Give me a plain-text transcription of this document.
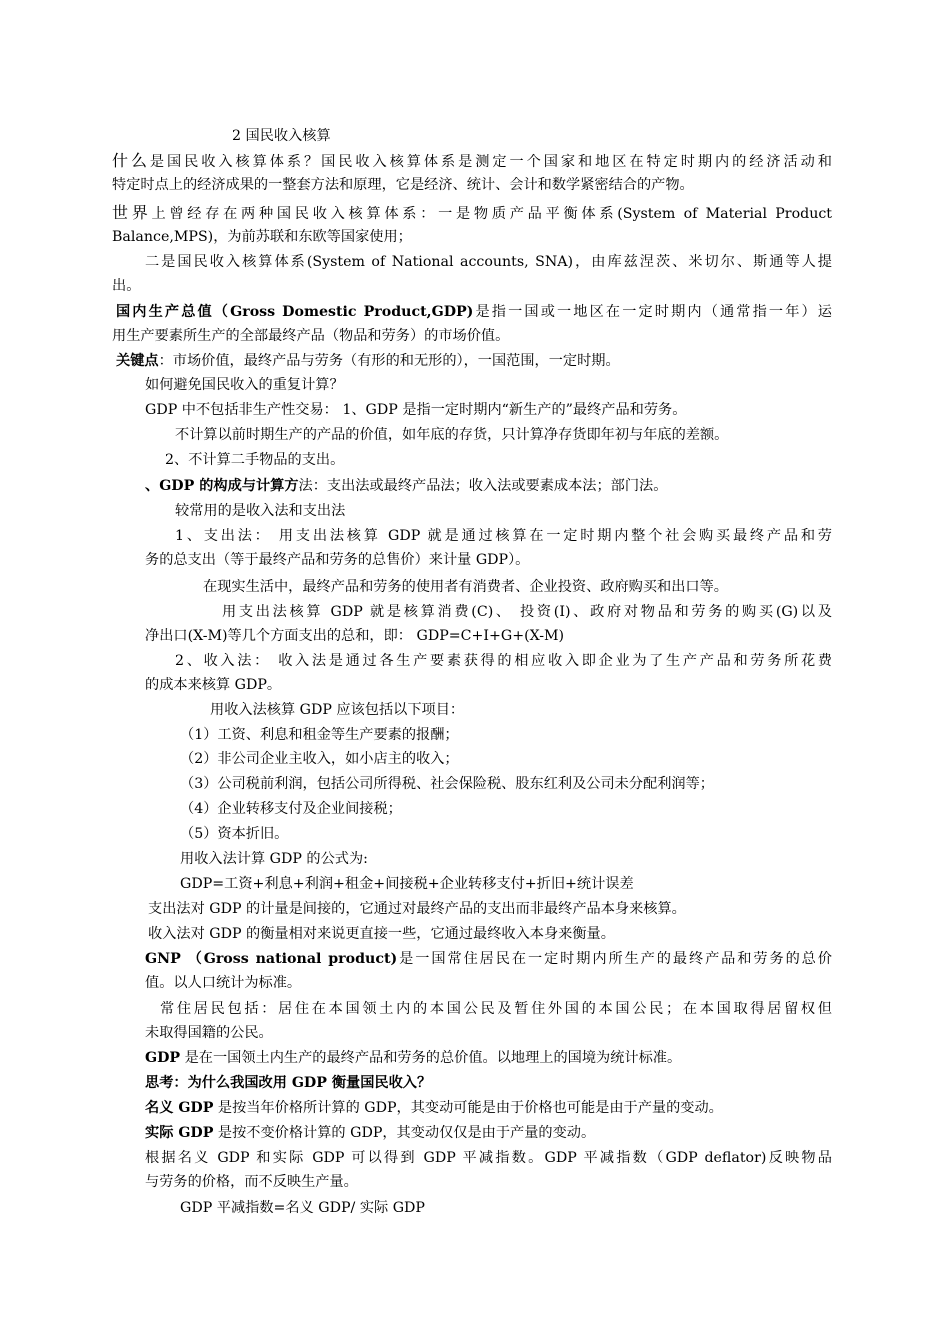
2 国民收入核算
什么是国民收入核算体系？国民收入核算体系是测定一个国家和地区在特定时期内的经济活动和
特定时点上的经济成果的一整套方法和原理，它是经济、统计、会计和数学紧密结合的产物。
世界上曾经存在两种国民收入核算体系：一是物质产品平衡体系(System of Material Product
Balance,MPS)，为前苏联和东欧等国家使用；
二是国民收入核算体系(System of National accounts, SNA)，由库兹涅茨、米切尔、斯通等人提
出。
国内生产总值（Gross Domestic Product,GDP)是指一国或一地区在一定时期内（通常指一年）运
用生产要素所生产的全部最终产品（物品和劳务）的市场价值。
关键点：市场价值，最终产品与劳务（有形的和无形的），一国范围，一定时期。
如何避免国民收入的重复计算？
GDP 中不包括非生产性交易： 1、GDP 是指一定时期内“新生产的”最终产品和劳务。
不计算以前时期生产的产品的价值，如年底的存货，只计算净存货即年初与年底的差额。
2、不计算二手物品的支出。
、GDP 的构成与计算方法：支出法或最终产品法；收入法或要素成本法；部门法。
较常用的是收入法和支出法
1、支出法： 用支出法核算 GDP 就是通过核算在一定时期内整个社会购买最终产品和劳
务的总支出（等于最终产品和劳务的总售价）来计量 GDP）。
在现实生活中，最终产品和劳务的使用者有消费者、企业投资、政府购买和出口等。
用支出法核算 GDP 就是核算消费(C)、 投资(I)、政府对物品和劳务的购买(G)以及
净出口(X-M)等几个方面支出的总和，即： GDP=C+I+G+(X-M)
2、收入法： 收入法是通过各生产要素获得的相应收入即企业为了生产产品和劳务所花费
的成本来核算 GDP。
用收入法核算 GDP 应该包括以下项目：
（1）工资、利息和租金等生产要素的报酬；
（2）非公司企业主收入，如小店主的收入；
（3）公司税前利润，包括公司所得税、社会保险税、股东红利及公司未分配利润等；
（4）企业转移支付及企业间接税；
（5）资本折旧。
用收入法计算 GDP 的公式为:
GDP=工资+利息+利润+租金+间接税+企业转移支付+折旧+统计误差
支出法对 GDP 的计量是间接的，它通过对最终产品的支出而非最终产品本身来核算。
收入法对 GDP 的衡量相对来说更直接一些，它通过最终收入本身来衡量。
GNP （Gross national product)是一国常住居民在一定时期内所生产的最终产品和劳务的总价
值。以人口统计为标准。
常住居民包括：居住在本国领土内的本国公民及暂住外国的本国公民；在本国取得居留权但
未取得国籍的公民。
GDP 是在一国领土内生产的最终产品和劳务的总价值。以地理上的国境为统计标准。
思考：为什么我国改用 GDP 衡量国民收入？
名义 GDP 是按当年价格所计算的 GDP，其变动可能是由于价格也可能是由于产量的变动。
实际 GDP 是按不变价格计算的 GDP，其变动仅仅是由于产量的变动。
根据名义 GDP 和实际 GDP 可以得到 GDP 平减指数。GDP 平减指数（GDP deflator)反映物品
与劳务的价格，而不反映生产量。
GDP 平减指数=名义 GDP/ 实际 GDP
